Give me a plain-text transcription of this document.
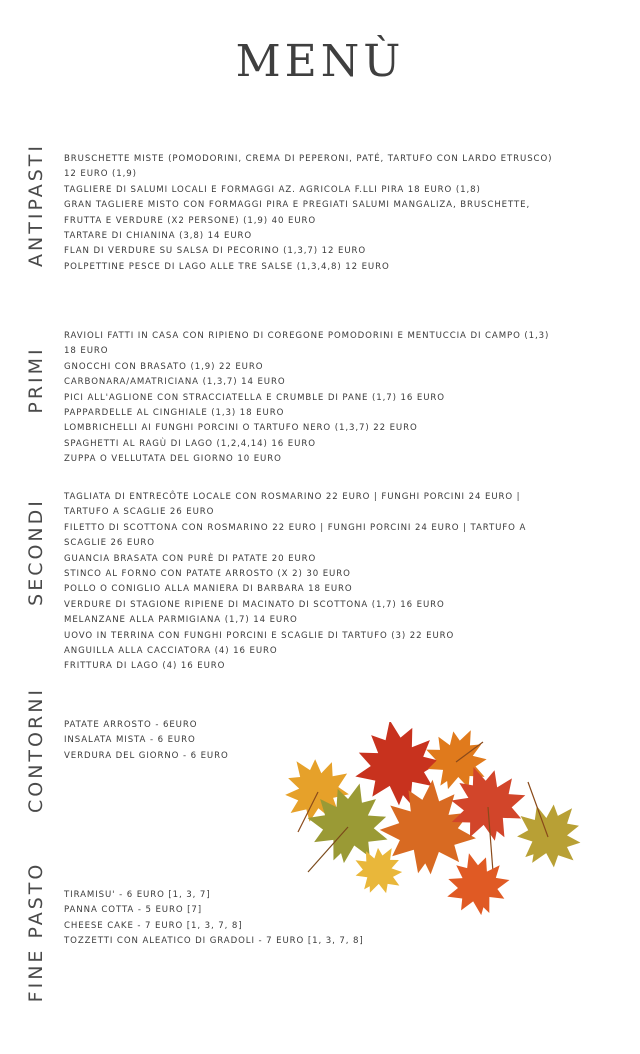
MENÙ
ANTIPASTI BRUSCHETTE MISTE (POMODORINI, CREMA DI PEPERONI, PATÉ, TARTUFO CON LARDO ETRUSCO) 12 EURO (1,9)
TAGLIERE DI SALUMI LOCALI E FORMAGGI AZ. AGRICOLA F.LLI PIRA 18 EURO (1,8)
GRAN TAGLIERE MISTO CON FORMAGGI PIRA E PREGIATI SALUMI MANGALIZA, BRUSCHETTE, FRUTTA E VERDURE (X2 PERSONE) (1,9) 40 EURO
TARTARE DI CHIANINA (3,8) 14 EURO
FLAN DI VERDURE SU SALSA DI PECORINO (1,3,7) 12 EURO
POLPETTINE PESCE DI LAGO ALLE TRE SALSE (1,3,4,8) 12 EURO
PRIMI
RAVIOLI FATTI IN CASA CON RIPIENO DI COREGONE POMODORINI E MENTUCCIA DI CAMPO (1,3) 18 EURO
GNOCCHI CON BRASATO (1,9) 22 EURO
CARBONARA/AMATRICIANA (1,3,7) 14 EURO
PICI ALL'AGLIONE CON STRACCIATELLA E CRUMBLE DI PANE (1,7) 16 EURO
PAPPARDELLE AL CINGHIALE (1,3) 18 EURO
LOMBRICHELLI AI FUNGHI PORCINI O TARTUFO NERO (1,3,7) 22 EURO
SPAGHETTI AL RAGÙ DI LAGO (1,2,4,14) 16 EURO
ZUPPA O VELLUTATA DEL GIORNO 10 EURO
SECONDI
TAGLIATA DI ENTRECÔTE LOCALE CON ROSMARINO 22 EURO | FUNGHI PORCINI 24 EURO | TARTUFO A SCAGLIE 26 EURO
FILETTO DI SCOTTONA CON ROSMARINO 22 EURO | FUNGHI PORCINI 24 EURO | TARTUFO A SCAGLIE 26 EURO
GUANCIA BRASATA CON PURÈ DI PATATE 20 EURO
STINCO AL FORNO CON PATATE ARROSTO (X 2) 30 EURO
POLLO O CONIGLIO ALLA MANIERA DI BARBARA 18 EURO
VERDURE DI STAGIONE RIPIENE DI MACINATO DI SCOTTONA (1,7) 16 EURO
MELANZANE ALLA PARMIGIANA (1,7) 14 EURO
UOVO IN TERRINA CON FUNGHI PORCINI E SCAGLIE DI TARTUFO (3) 22 EURO
ANGUILLA ALLA CACCIATORA (4) 16 EURO
FRITTURA DI LAGO (4) 16 EURO
CONTORNI PATATE ARROSTO - 6EURO
INSALATA MISTA - 6 EURO
VERDURA DEL GIORNO - 6 EURO
FINE PASTO TIRAMISU' - 6 EURO [1, 3, 7]
PANNA COTTA - 5 EURO [7]
CHEESE CAKE - 7 EURO [1, 3, 7, 8]
TOZZETTI CON ALEATICO DI GRADOLI - 7 EURO [1, 3, 7, 8]
